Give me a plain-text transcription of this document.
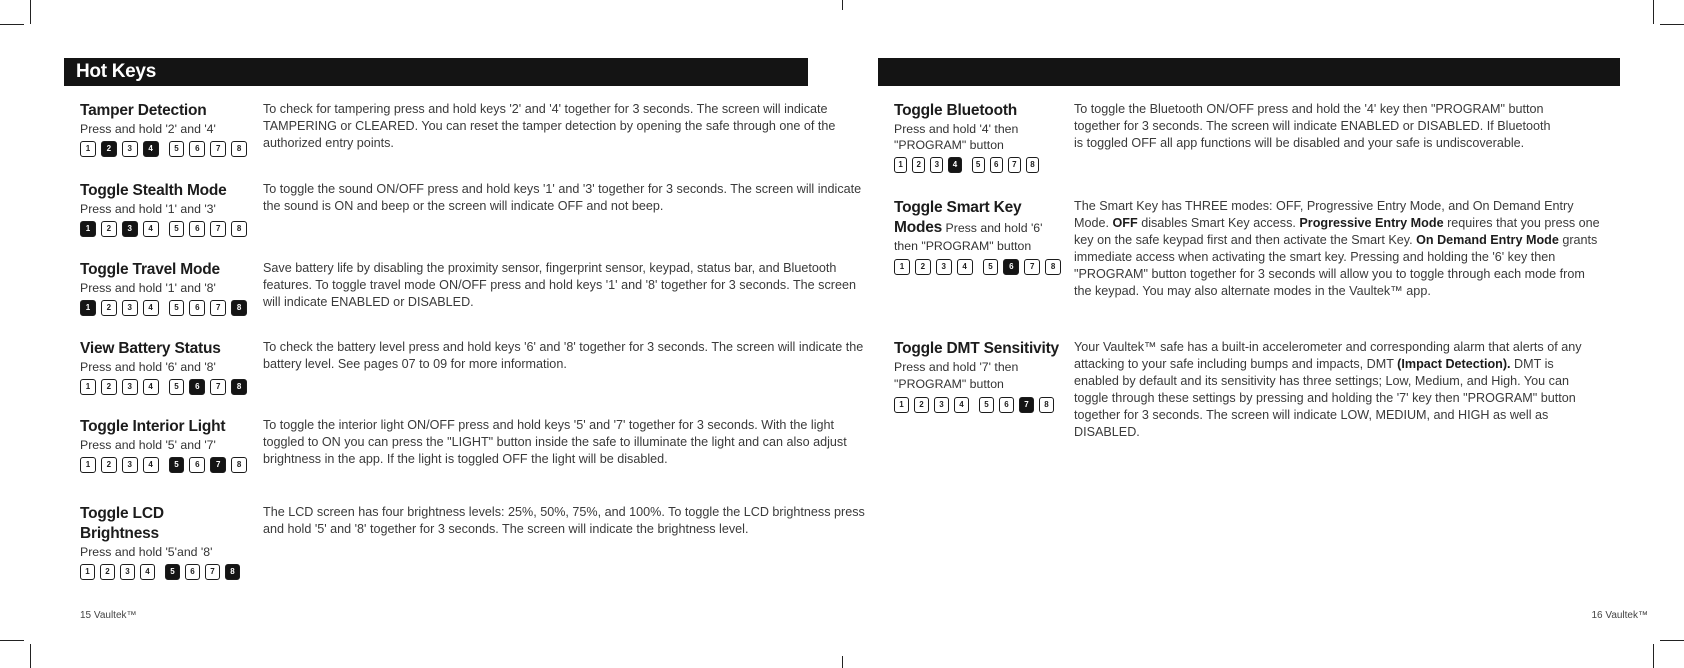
Hot Keys
Tamper Detection
Press and hold '2' and '4'
1	2	3	4	5	6	7	8

To check for tampering press and hold keys '2' and '4' together for 3 seconds. The screen will indicate TAMPERING or CLEARED. You can reset the tamper detection by opening the safe through one of the authorized entry points.

Toggle Stealth Mode
Press and hold '1' and '3'
1	2	3	4	5	6	7	8

To toggle the sound ON/OFF press and hold keys '1' and '3' together for 3 seconds. The screen will indicate the sound is ON and beep or the screen will indicate OFF and not beep.

Toggle Travel Mode
Press and hold '1' and '8'
1	2	3	4	5	6	7	8

Save battery life by disabling the proximity sensor, fingerprint sensor, keypad, status bar, and Bluetooth features. To toggle travel mode ON/OFF press and hold keys '1' and '8' together for 3 seconds. The screen will indicate ENABLED or DISABLED.

View Battery Status
Press and hold '6' and '8'
1	2	3	4	5	6	7	8

To check the battery level press and hold keys '6' and '8' together for 3 seconds. The screen will indicate the battery level. See pages 07 to 09 for more information.

Toggle Interior Light
Press and hold '5' and '7'
1	2	3	4	5	6	7	8

To toggle the interior light ON/OFF press and hold keys '5' and '7' together for 3 seconds. With the light toggled to ON you can press the "LIGHT" button inside the safe to illuminate the light and can also adjust brightness in the app. If the light is toggled OFF the light will be disabled.

Toggle LCD Brightness
Press and hold '5'and '8'
1	2	3	4	5	6	7	8

The LCD screen has four brightness levels: 25%, 50%, 75%, and 100%. To toggle the LCD brightness press and hold '5' and '8' together for 3 seconds. The screen will indicate the brightness level.

15 Vaultek™
Toggle Bluetooth
Press and hold '4' then "PROGRAM" button
1	2	3	4	5	6	7	8

To toggle the Bluetooth ON/OFF press and hold the '4' key then "PROGRAM" button together for 3 seconds. The screen will indicate ENABLED or DISABLED. If Bluetooth is toggled OFF all app functions will be disabled and your safe is undiscoverable.

Toggle Smart Key Modes Press and hold '6' then "PROGRAM" button
1	2	3	4	5	6	7	8

The Smart Key has THREE modes: OFF, Progressive Entry Mode, and On Demand Entry Mode. OFF disables Smart Key access. Progressive Entry Mode requires that you press one key on the safe keypad first and then activate the Smart Key. On Demand Entry Mode grants immediate access when activating the smart key. Pressing and holding the '6' key then "PROGRAM" button together for 3 seconds will allow you to toggle through each mode from the keypad. You may also alternate modes in the Vaultek™ app.

Toggle DMT Sensitivity Press and hold '7' then "PROGRAM" button
1	2	3	4	5	6	7	8

Your Vaultek™ safe has a built-in accelerometer and corresponding alarm that alerts of any attacking to your safe including bumps and impacts, DMT (Impact Detection). DMT is enabled by default and its sensitivity has three settings; Low, Medium, and High. You can toggle through these settings by pressing and holding the '7' key then "PROGRAM" button together for 3 seconds. The screen will indicate LOW, MEDIUM, and HIGH as well as DISABLED.

16 Vaultek™
